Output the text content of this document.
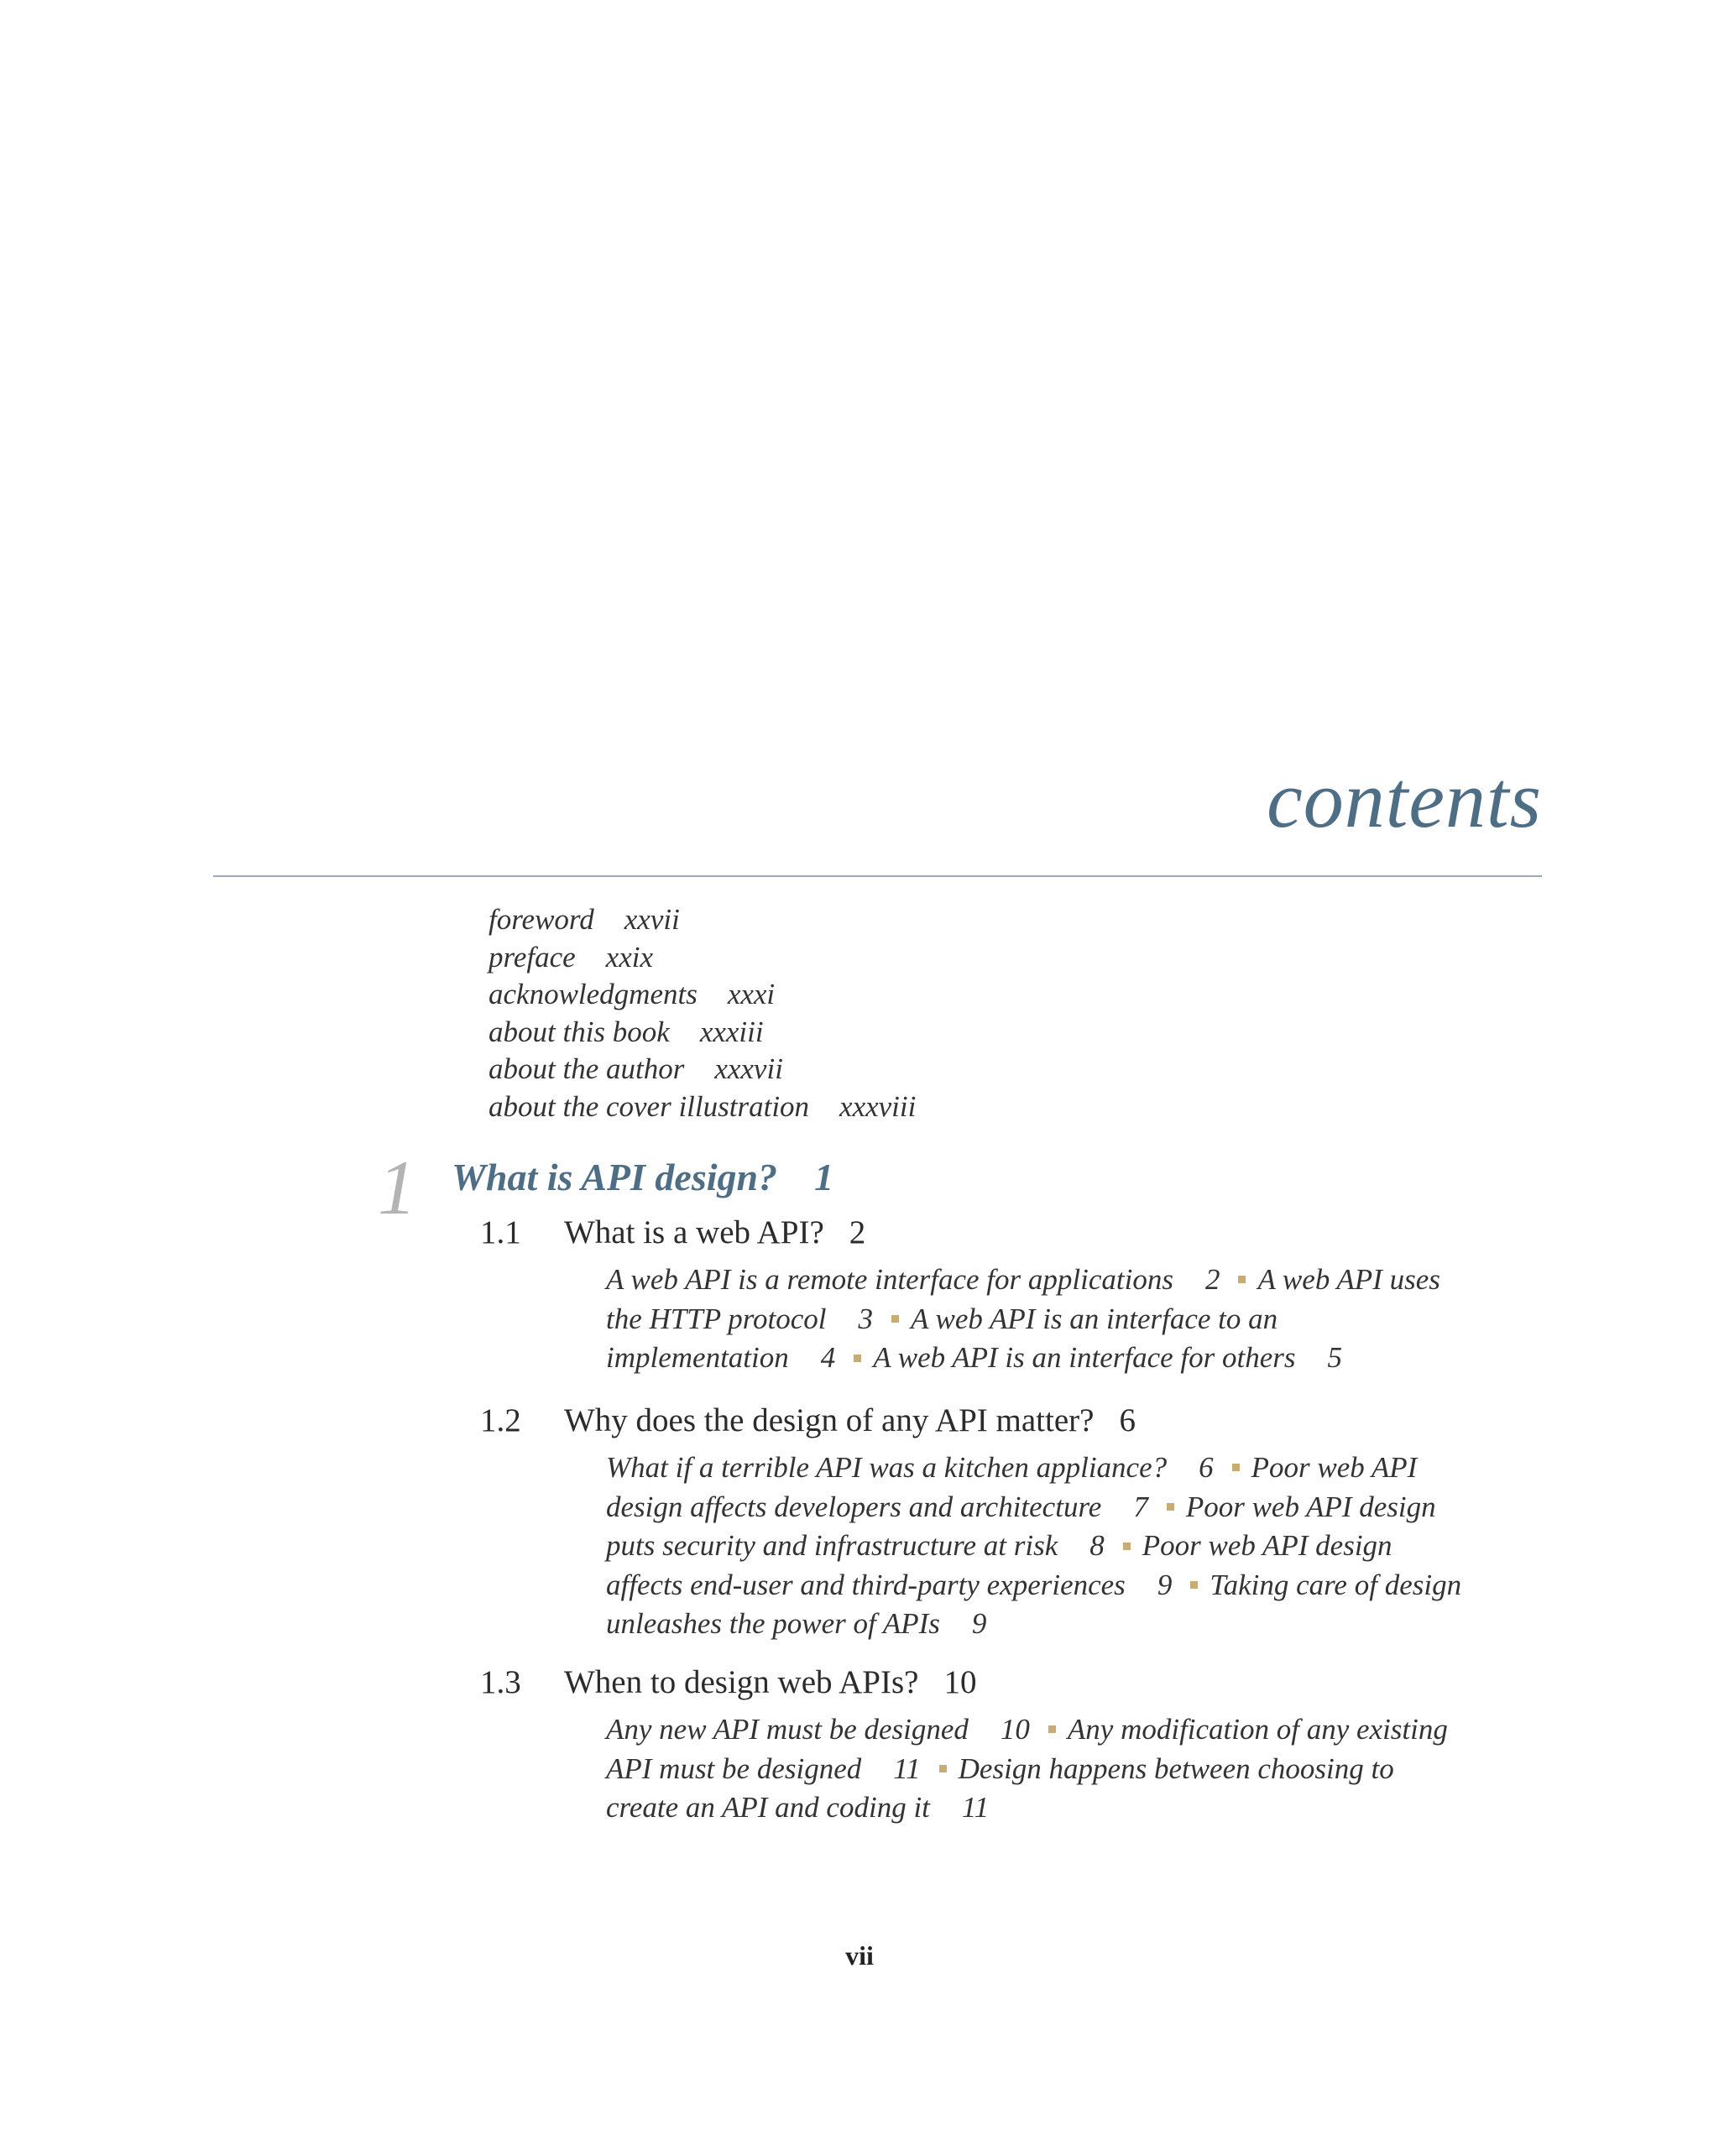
contents
foreword xxvii
preface xxix
acknowledgments xxxi
about this book xxxiii
about the author xxxvii
about the cover illustration xxxviii
1 What is API design? 1
1.1 What is a web API? 2
A web API is a remote interface for applications 2 A web API uses the HTTP protocol 3 A web API is an interface to an implementation 4 A web API is an interface for others 5
1.2 Why does the design of any API matter? 6
What if a terrible API was a kitchen appliance? 6 Poor web API design affects developers and architecture 7 Poor web API design puts security and infrastructure at risk 8 Poor web API design affects end-user and third-party experiences 9 Taking care of design unleashes the power of APIs 9
1.3 When to design web APIs? 10
Any new API must be designed 10 Any modification of any existing API must be designed 11 Design happens between choosing to create an API and coding it 11
vii
